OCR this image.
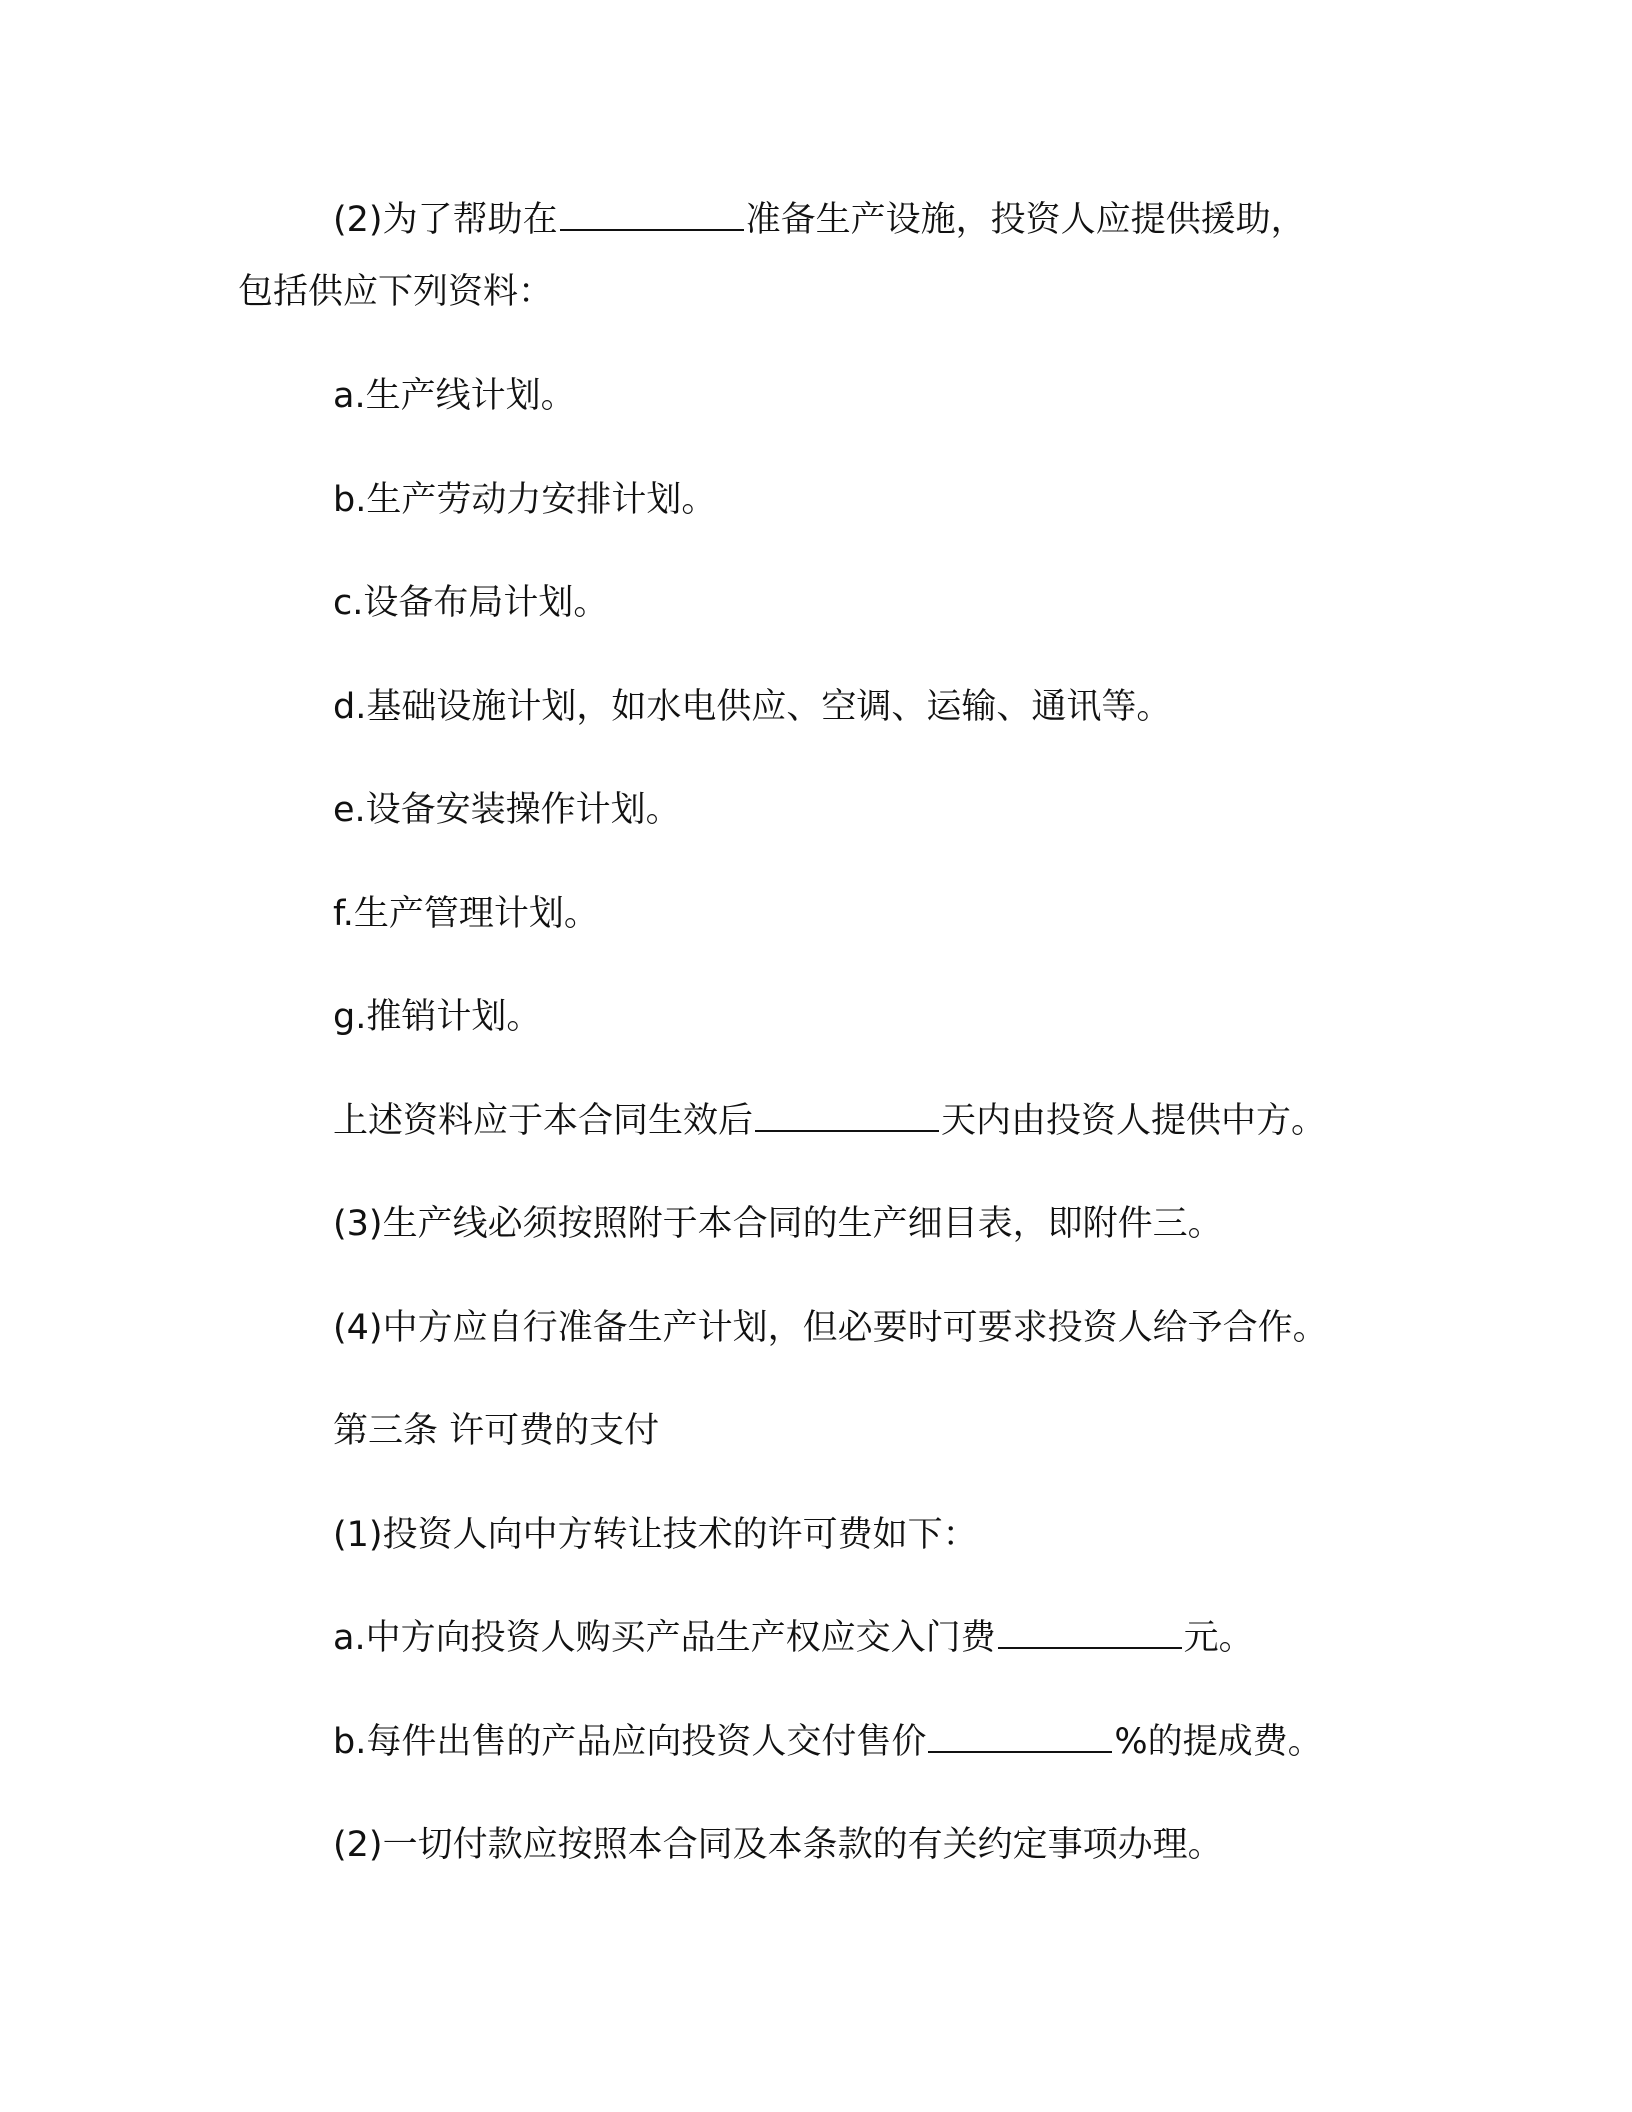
(2)为了帮助在	准备生产设施，投资人应提供援助，
包括供应下列资料：
a.生产线计划。
b.生产劳动力安排计划。
c.设备布局计划。
d.基础设施计划，如水电供应、空调、运输、通讯等。
e.设备安装操作计划。
f.生产管理计划。
g.推销计划。
上述资料应于本合同生效后	天内由投资人提供中方。
(3)生产线必须按照附于本合同的生产细目表，即附件三。
(4)中方应自行准备生产计划，但必要时可要求投资人给予合作。
第三条 许可费的支付
(1)投资人向中方转让技术的许可费如下：
a.中方向投资人购买产品生产权应交入门费	元。
b.每件出售的产品应向投资人交付售价	%的提成费。
(2)一切付款应按照本合同及本条款的有关约定事项办理。
